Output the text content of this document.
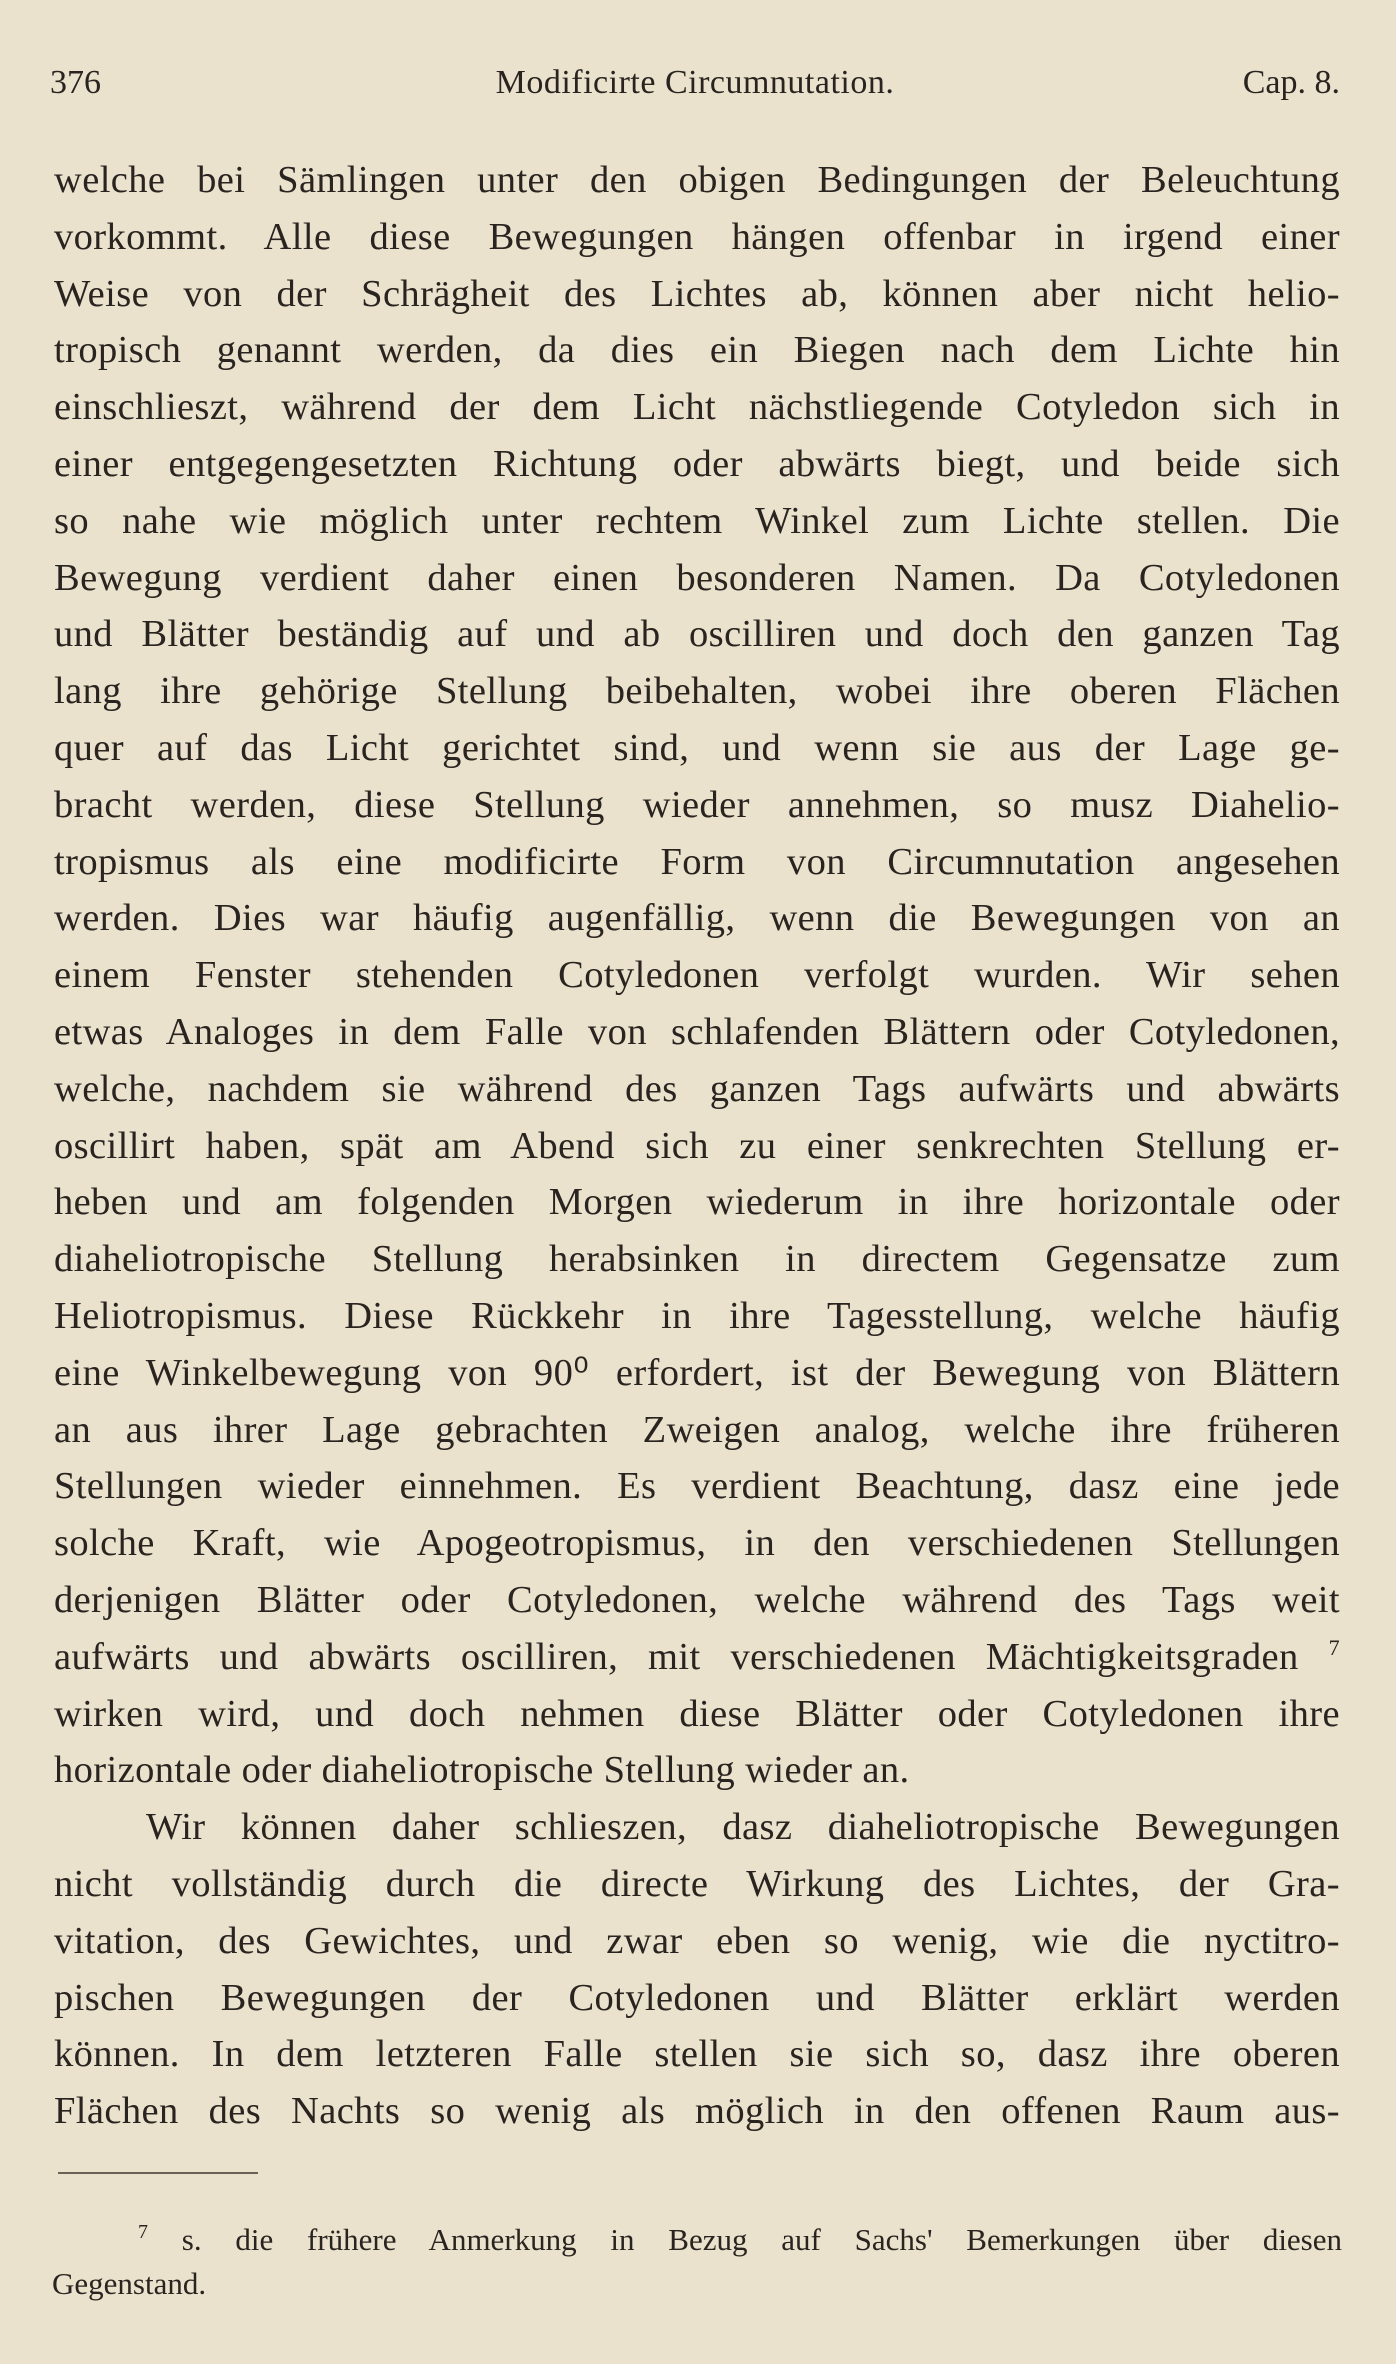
376	Modificirte Circumnutation.	Cap. 8.
welche bei Sämlingen unter den obigen Bedingungen der Beleuchtung
vorkommt. Alle diese Bewegungen hängen offenbar in irgend einer
Weise von der Schrägheit des Lichtes ab, können aber nicht helio-
tropisch genannt werden, da dies ein Biegen nach dem Lichte hin
einschlieszt, während der dem Licht nächstliegende Cotyledon sich in
einer entgegengesetzten Richtung oder abwärts biegt, und beide sich
so nahe wie möglich unter rechtem Winkel zum Lichte stellen. Die
Bewegung verdient daher einen besonderen Namen. Da Cotyledonen
und Blätter beständig auf und ab oscilliren und doch den ganzen Tag
lang ihre gehörige Stellung beibehalten, wobei ihre oberen Flächen
quer auf das Licht gerichtet sind, und wenn sie aus der Lage ge-
bracht werden, diese Stellung wieder annehmen, so musz Diahelio-
tropismus als eine modificirte Form von Circumnutation angesehen
werden. Dies war häufig augenfällig, wenn die Bewegungen von an
einem Fenster stehenden Cotyledonen verfolgt wurden. Wir sehen
etwas Analoges in dem Falle von schlafenden Blättern oder Cotyledonen,
welche, nachdem sie während des ganzen Tags aufwärts und abwärts
oscillirt haben, spät am Abend sich zu einer senkrechten Stellung er-
heben und am folgenden Morgen wiederum in ihre horizontale oder
diaheliotropische Stellung herabsinken in directem Gegensatze zum
Heliotropismus. Diese Rückkehr in ihre Tagesstellung, welche häufig
eine Winkelbewegung von 90⁰ erfordert, ist der Bewegung von Blättern
an aus ihrer Lage gebrachten Zweigen analog, welche ihre früheren
Stellungen wieder einnehmen. Es verdient Beachtung, dasz eine jede
solche Kraft, wie Apogeotropismus, in den verschiedenen Stellungen
derjenigen Blätter oder Cotyledonen, welche während des Tags weit
aufwärts und abwärts oscilliren, mit verschiedenen Mächtigkeitsgraden $^7$
wirken wird, und doch nehmen diese Blätter oder Cotyledonen ihre
horizontale oder diaheliotropische Stellung wieder an.
Wir können daher schlieszen, dasz diaheliotropische Bewegungen
nicht vollständig durch die directe Wirkung des Lichtes, der Gra-
vitation, des Gewichtes, und zwar eben so wenig, wie die nyctitro-
pischen Bewegungen der Cotyledonen und Blätter erklärt werden
können. In dem letzteren Falle stellen sie sich so, dasz ihre oberen
Flächen des Nachts so wenig als möglich in den offenen Raum aus-
$^7$ s. die frühere Anmerkung in Bezug auf Sachs' Bemerkungen über diesen
Gegenstand.
